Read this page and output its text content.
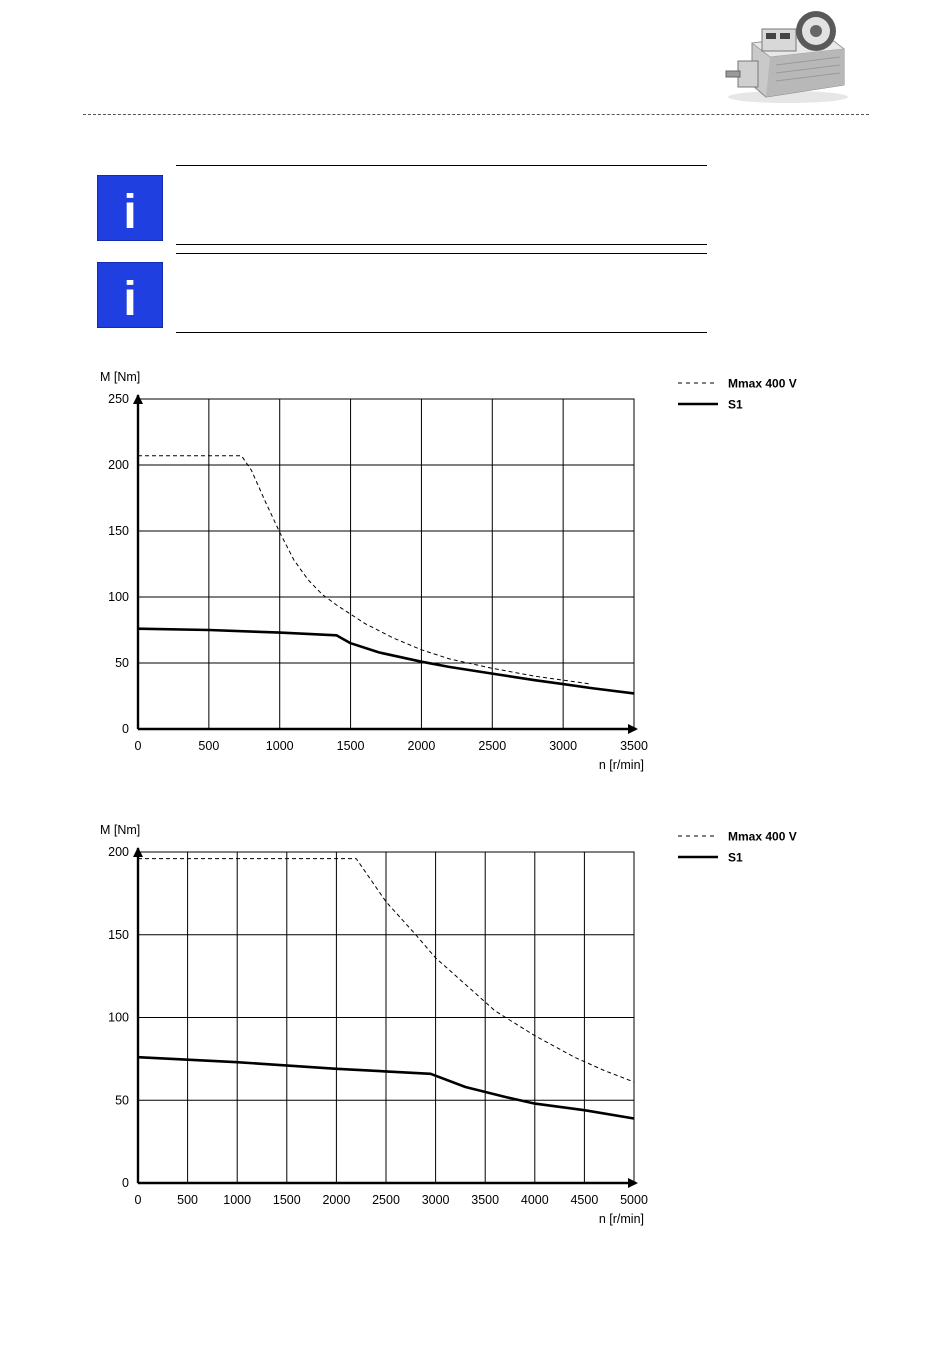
i
i
0	500	1000	1500	2000	2500	3000	3500
0
50
100
150
200
250
M [Nm]
n [r/min]
Mmax 400 V
S1
0	500 1000 1500 2000 2500 3000 3500 4000 4500 5000
0
50
100
150
200
M [Nm]
n [r/min]
Mmax 400 V
S1
